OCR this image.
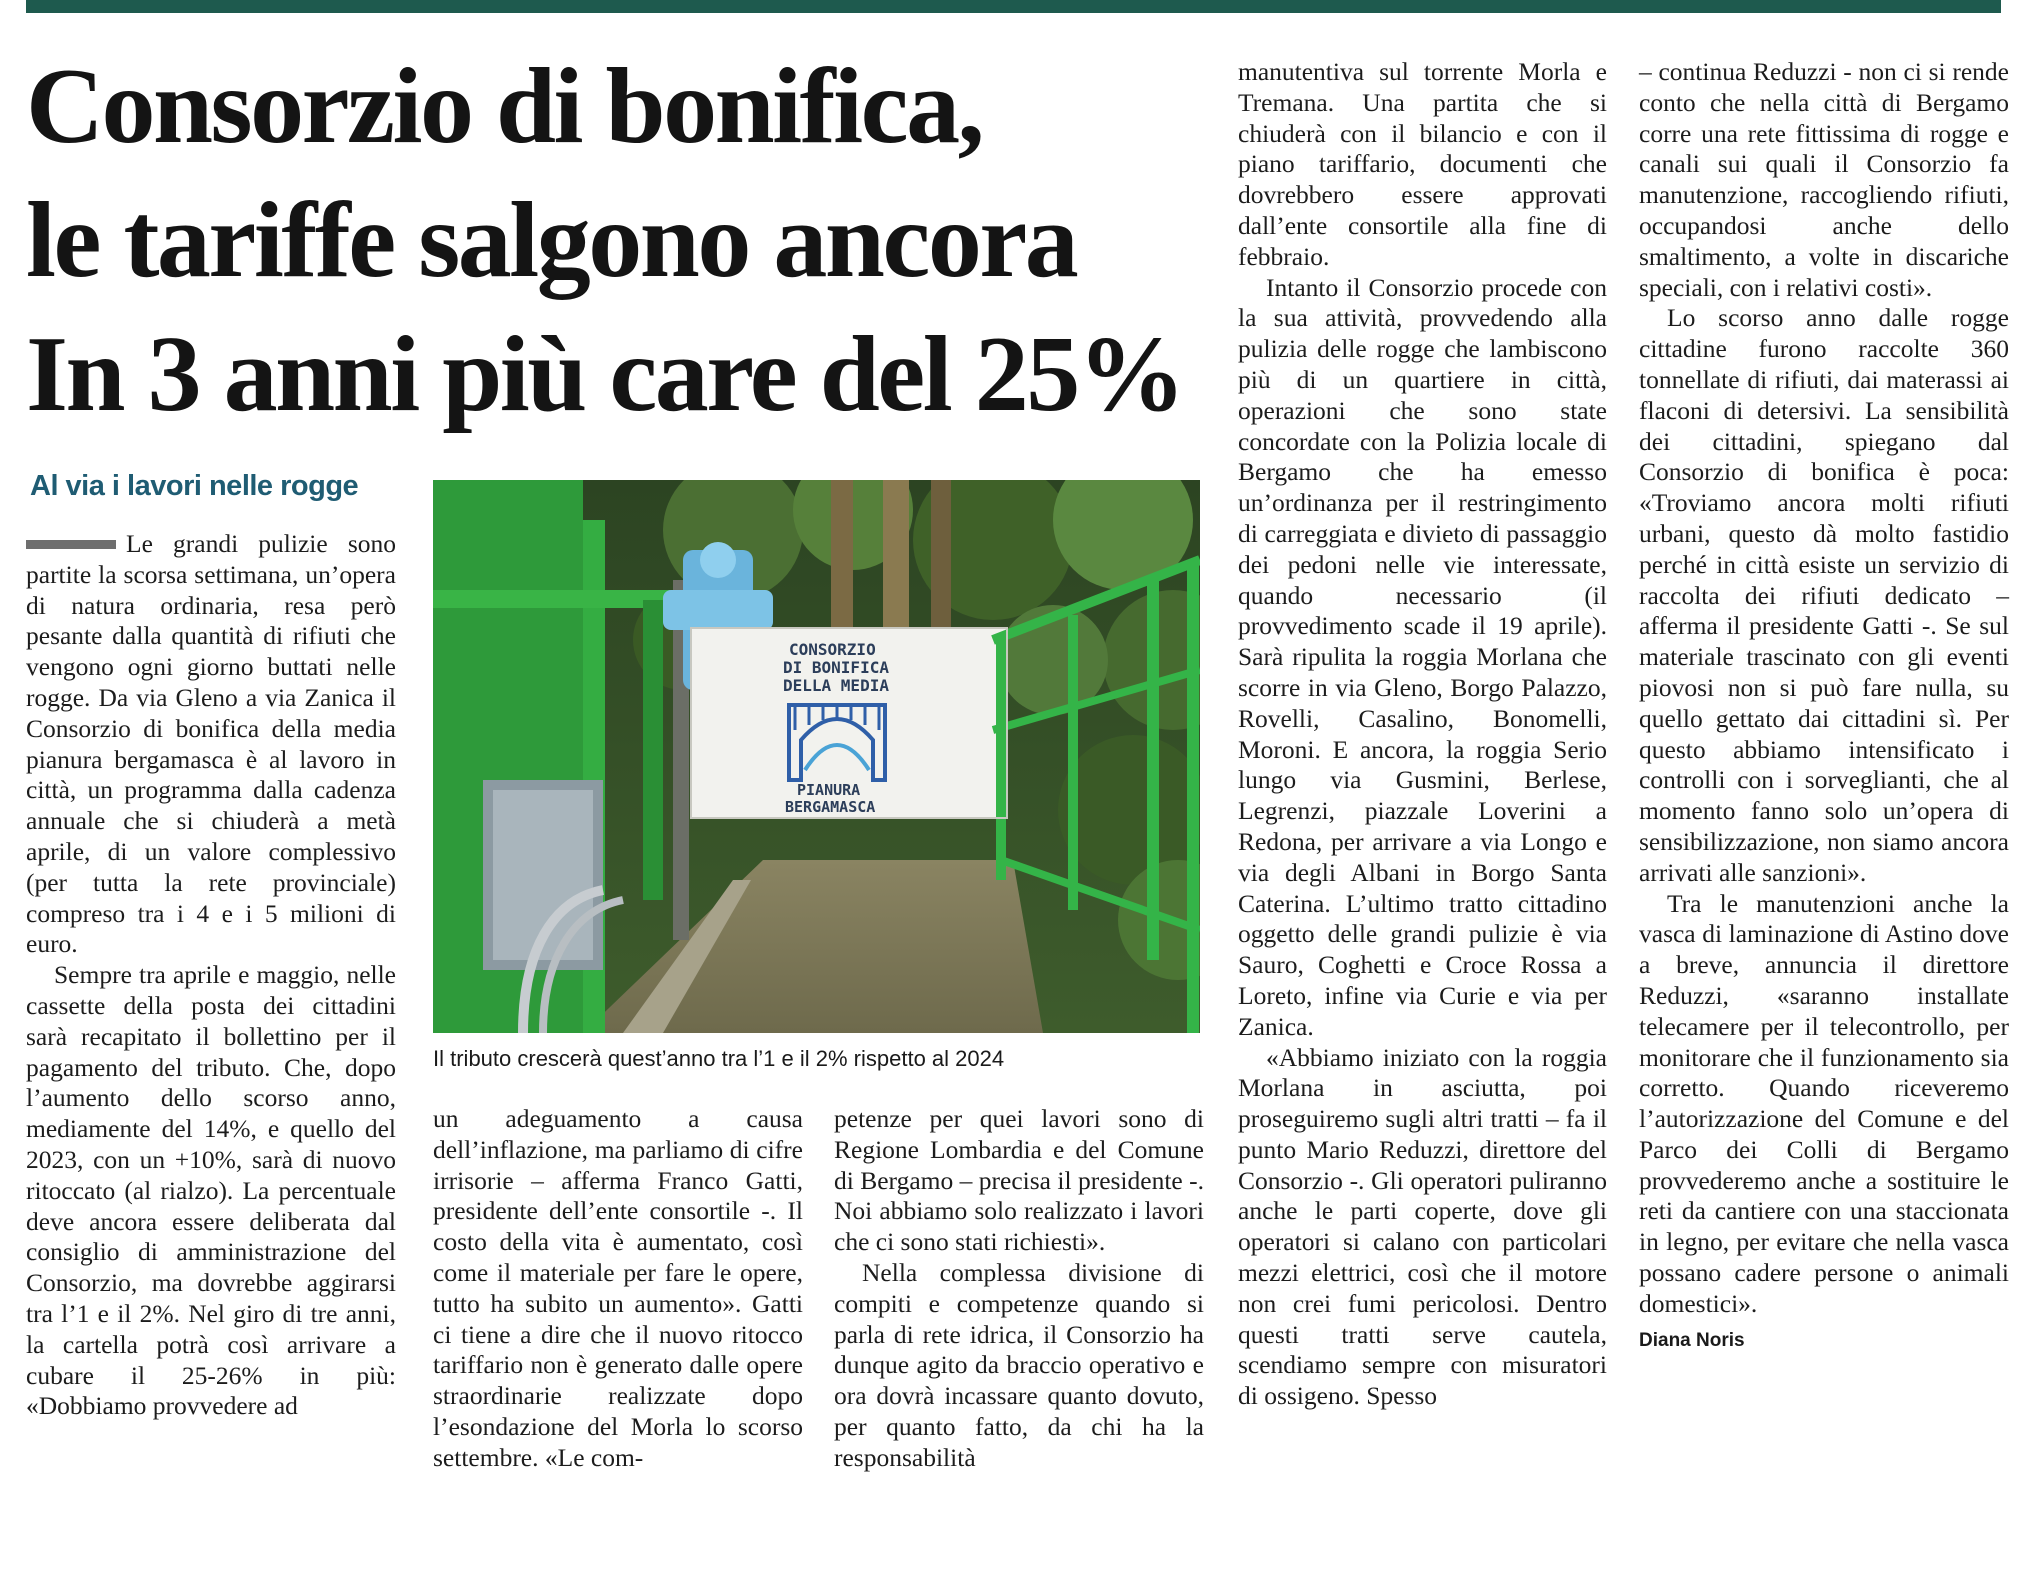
Consorzio di bonifica,
le tariffe salgono ancora
In 3 anni più care del 25%
Al via i lavori nelle rogge

Le grandi pulizie sono partite la scorsa settimana, un’opera di natura ordinaria, resa però pesante dalla quantità di rifiuti che vengono ogni giorno buttati nelle rogge. Da via Gleno a via Zanica il Consorzio di bonifica della media pianura bergamasca è al lavoro in città, un programma dalla cadenza annuale che si chiuderà a metà aprile, di un valore complessivo (per tutta la rete provinciale) compreso tra i 4 e i 5 milioni di euro.

Sempre tra aprile e maggio, nelle cassette della posta dei cittadini sarà recapitato il bollettino per il pagamento del tributo. Che, dopo l’aumento dello scorso anno, mediamente del 14%, e quello del 2023, con un +10%, sarà di nuovo ritoccato (al rialzo). La percentuale deve ancora essere deliberata dal consiglio di amministrazione del Consorzio, ma dovrebbe aggirarsi tra l’1 e il 2%. Nel giro di tre anni, la cartella potrà così arrivare a cubare il 25-26% in più: «Dobbiamo provvedere ad

CONSORZIO
DI BONIFICA
DELLA MEDIA
PIANURA
BERGAMASCA

Il tributo crescerà quest’anno tra l’1 e il 2% rispetto al 2024

un adeguamento a causa dell’inflazione, ma parliamo di cifre irrisorie – afferma Franco Gatti, presidente dell’ente consortile -. Il costo della vita è aumentato, così come il materiale per fare le opere, tutto ha subito un aumento». Gatti ci tiene a dire che il nuovo ritocco tariffario non è generato dalle opere straordinarie realizzate dopo l’esondazione del Morla lo scorso settembre. «Le com-

petenze per quei lavori sono di Regione Lombardia e del Comune di Bergamo – precisa il presidente -. Noi abbiamo solo realizzato i lavori che ci sono stati richiesti».

Nella complessa divisione di compiti e competenze quando si parla di rete idrica, il Consorzio ha dunque agito da braccio operativo e ora dovrà incassare quanto dovuto, per quanto fatto, da chi ha la responsabilità

manutentiva sul torrente Morla e Tremana. Una partita che si chiuderà con il bilancio e con il piano tariffario, documenti che dovrebbero essere approvati dall’ente consortile alla fine di febbraio.

Intanto il Consorzio procede con la sua attività, provvedendo alla pulizia delle rogge che lambiscono più di un quartiere in città, operazioni che sono state concordate con la Polizia locale di Bergamo che ha emesso un’ordinanza per il restringimento di carreggiata e divieto di passaggio dei pedoni nelle vie interessate, quando necessario (il provvedimento scade il 19 aprile). Sarà ripulita la roggia Morlana che scorre in via Gleno, Borgo Palazzo, Rovelli, Casalino, Bonomelli, Moroni. E ancora, la roggia Serio lungo via Gusmini, Berlese, Legrenzi, piazzale Loverini a Redona, per arrivare a via Longo e via degli Albani in Borgo Santa Caterina. L’ultimo tratto cittadino oggetto delle grandi pulizie è via Sauro, Coghetti e Croce Rossa a Loreto, infine via Curie e via per Zanica.

«Abbiamo iniziato con la roggia Morlana in asciutta, poi proseguiremo sugli altri tratti – fa il punto Mario Reduzzi, direttore del Consorzio -. Gli operatori puliranno anche le parti coperte, dove gli operatori si calano con particolari mezzi elettrici, così che il motore non crei fumi pericolosi. Dentro questi tratti serve cautela, scendiamo sempre con misuratori di ossigeno. Spesso

– continua Reduzzi - non ci si rende conto che nella città di Bergamo corre una rete fittissima di rogge e canali sui quali il Consorzio fa manutenzione, raccogliendo rifiuti, occupandosi anche dello smaltimento, a volte in discariche speciali, con i relativi costi».

Lo scorso anno dalle rogge cittadine furono raccolte 360 tonnellate di rifiuti, dai materassi ai flaconi di detersivi. La sensibilità dei cittadini, spiegano dal Consorzio di bonifica è poca: «Troviamo ancora molti rifiuti urbani, questo dà molto fastidio perché in città esiste un servizio di raccolta dei rifiuti dedicato – afferma il presidente Gatti -. Se sul materiale trascinato con gli eventi piovosi non si può fare nulla, su quello gettato dai cittadini sì. Per questo abbiamo intensificato i controlli con i sorveglianti, che al momento fanno solo un’opera di sensibilizzazione, non siamo ancora arrivati alle sanzioni».

Tra le manutenzioni anche la vasca di laminazione di Astino dove a breve, annuncia il direttore Reduzzi, «saranno installate telecamere per il telecontrollo, per monitorare che il funzionamento sia corretto. Quando riceveremo l’autorizzazione del Comune e del Parco dei Colli di Bergamo provvederemo anche a sostituire le reti da cantiere con una staccionata in legno, per evitare che nella vasca possano cadere persone o animali domestici».

Diana Noris
